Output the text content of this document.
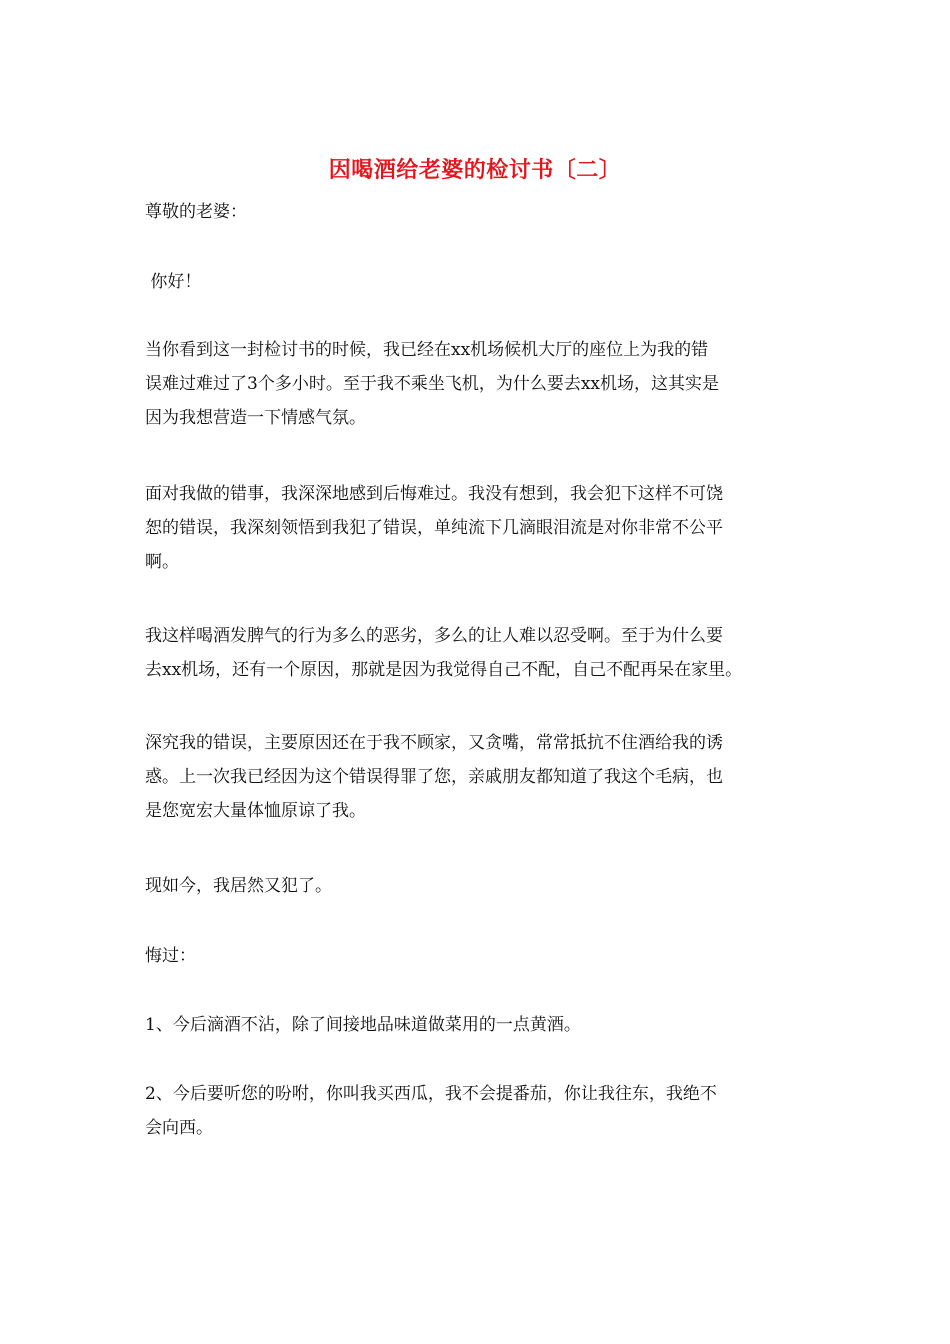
因喝酒给老婆的检讨书〔二〕
尊敬的老婆：
你好！
当你看到这一封检讨书的时候，我已经在xx机场候机大厅的座位上为我的错
误难过难过了3个多小时。至于我不乘坐飞机，为什么要去xx机场，这其实是
因为我想营造一下情感气氛。
面对我做的错事，我深深地感到后悔难过。我没有想到，我会犯下这样不可饶
恕的错误，我深刻领悟到我犯了错误，单纯流下几滴眼泪流是对你非常不公平
啊。
我这样喝酒发脾气的行为多么的恶劣，多么的让人难以忍受啊。至于为什么要
去xx机场，还有一个原因，那就是因为我觉得自己不配，自己不配再呆在家里。
深究我的错误，主要原因还在于我不顾家，又贪嘴，常常抵抗不住酒给我的诱
惑。上一次我已经因为这个错误得罪了您，亲戚朋友都知道了我这个毛病，也
是您宽宏大量体恤原谅了我。
现如今，我居然又犯了。
悔过：
1、今后滴酒不沾，除了间接地品味道做菜用的一点黄酒。
2、今后要听您的吩咐，你叫我买西瓜，我不会提番茄，你让我往东，我绝不
会向西。
